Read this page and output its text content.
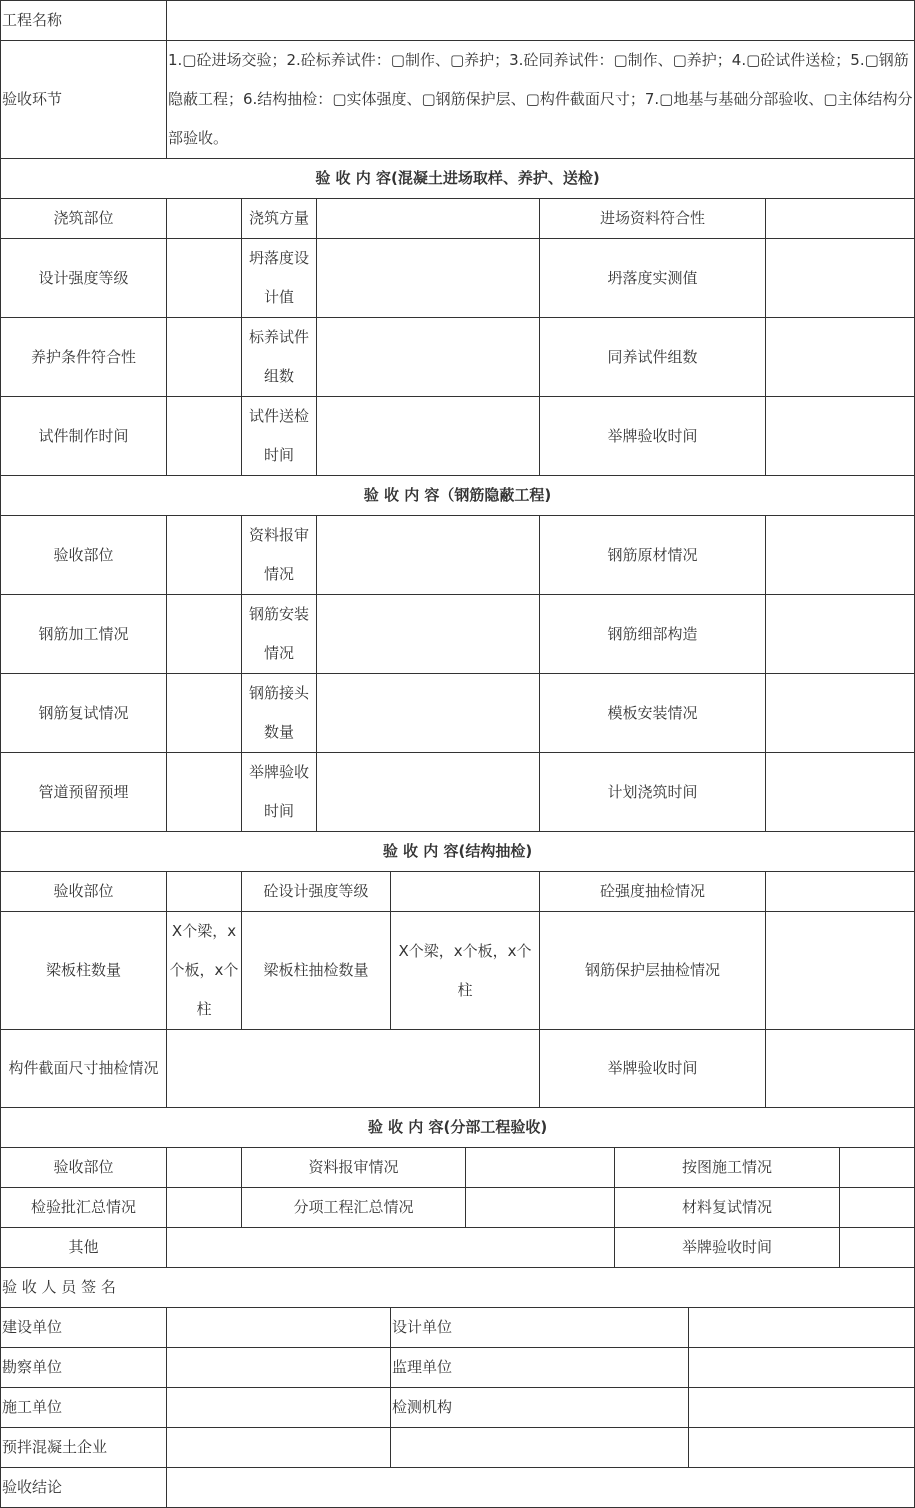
工程名称										
验收环节	1.▢砼进场交验；2.砼标养试件：▢制作、▢养护；3.砼同养试件：▢制作、▢养护；4.▢砼试件送检；5.▢钢筋隐蔽工程；6.结构抽检：▢实体强度、▢钢筋保护层、▢构件截面尺寸；7.▢地基与基础分部验收、▢主体结构分部验收。									
验 收 内 容(混凝土进场取样、养护、送检)										
浇筑部位		浇筑方量				进场资料符合性				
设计强度等级		坍落度设计值				坍落度实测值				
养护条件符合性		标养试件组数				同养试件组数				
试件制作时间		试件送检时间				举牌验收时间				
验 收 内 容（钢筋隐蔽工程)										
验收部位		资料报审情况				钢筋原材情况				
钢筋加工情况		钢筋安装情况				钢筋细部构造				
钢筋复试情况		钢筋接头数量				模板安装情况				
管道预留预埋		举牌验收时间				计划浇筑时间				
验 收 内 容(结构抽检)										
验收部位		砼设计强度等级				砼强度抽检情况				
梁板柱数量	X个梁，x个板，x个柱	梁板柱抽检数量		X个梁，x个板，x个柱		钢筋保护层抽检情况				
构件截面尺寸抽检情况						举牌验收时间				
验 收 内 容(分部工程验收)										
验收部位		资料报审情况					按图施工情况			
检验批汇总情况		分项工程汇总情况					材料复试情况			
其他							举牌验收时间			
验 收 人 员 签 名										
建设单位				设计单位						
勘察单位				监理单位						
施工单位				检测机构						
预拌混凝土企业										
验收结论										
